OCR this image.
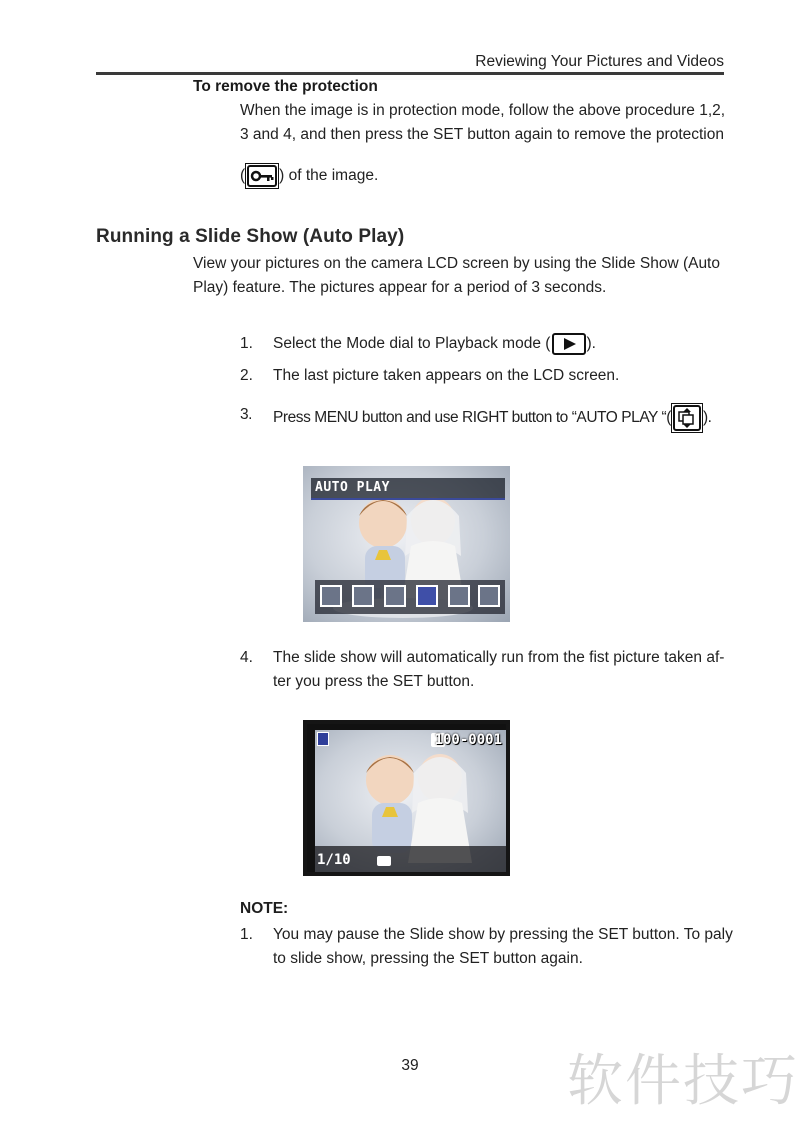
Reviewing Your Pictures and Videos
To remove the protection
When the image is in protection mode, follow the above procedure 1,2,
3 and 4, and then press the SET button again to remove the protection
( ) of the image.
Running a Slide Show (Auto Play)
View your pictures on the camera LCD screen by using the Slide Show (Auto
Play) feature. The pictures appear for a period of 3 seconds.
1. Select the Mode dial to Playback mode ( ).
2. The last picture taken appears on the LCD screen.
3. Press MENU button and use RIGHT button to “AUTO PLAY “( ).
AUTO PLAY
4. The slide show will automatically run from the fist picture taken af-
ter you press the SET button.
1/10
100-0001
NOTE:
1. You may pause the Slide show by pressing the SET button. To paly
to slide show, pressing the SET button again.
39	软件技巧
